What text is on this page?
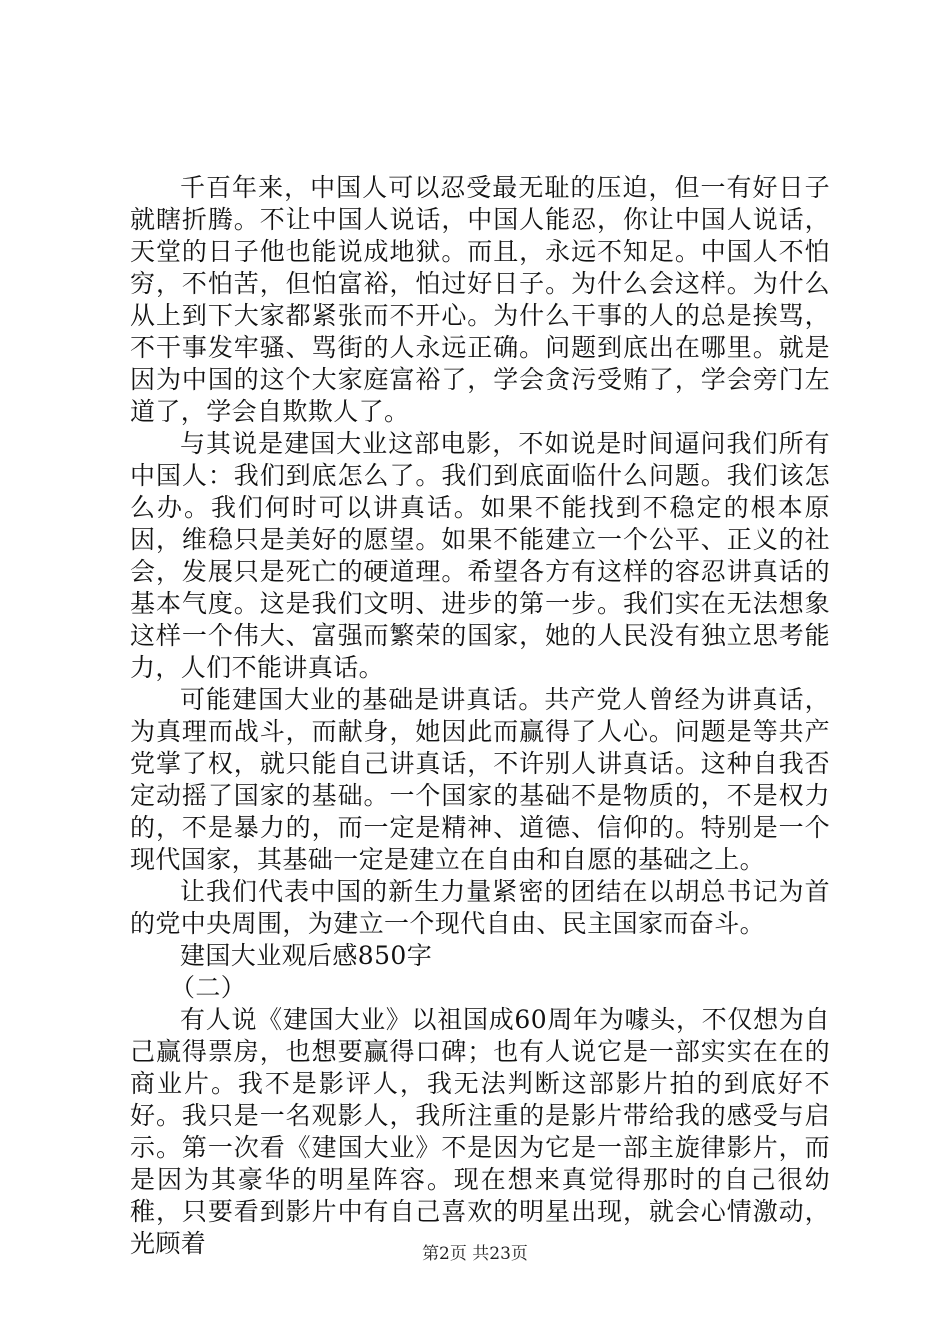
千百年来，中国人可以忍受最无耻的压迫，但一有好日子就瞎折腾。不让中国人说话，中国人能忍，你让中国人说话，天堂的日子他也能说成地狱。而且，永远不知足。中国人不怕穷，不怕苦，但怕富裕，怕过好日子。为什么会这样。为什么从上到下大家都紧张而不开心。为什么干事的人的总是挨骂，不干事发牢骚、骂街的人永远正确。问题到底出在哪里。就是因为中国的这个大家庭富裕了，学会贪污受贿了，学会旁门左道了，学会自欺欺人了。

与其说是建国大业这部电影，不如说是时间逼问我们所有中国人：我们到底怎么了。我们到底面临什么问题。我们该怎么办。我们何时可以讲真话。如果不能找到不稳定的根本原因，维稳只是美好的愿望。如果不能建立一个公平、正义的社会，发展只是死亡的硬道理。希望各方有这样的容忍讲真话的基本气度。这是我们文明、进步的第一步。我们实在无法想象这样一个伟大、富强而繁荣的国家，她的人民没有独立思考能力，人们不能讲真话。

可能建国大业的基础是讲真话。共产党人曾经为讲真话，为真理而战斗，而献身，她因此而赢得了人心。问题是等共产党掌了权，就只能自己讲真话，不许别人讲真话。这种自我否定动摇了国家的基础。一个国家的基础不是物质的，不是权力的，不是暴力的，而一定是精神、道德、信仰的。特别是一个现代国家，其基础一定是建立在自由和自愿的基础之上。

让我们代表中国的新生力量紧密的团结在以胡总书记为首的党中央周围，为建立一个现代自由、民主国家而奋斗。

建国大业观后感850字

（二）

有人说《建国大业》以祖国成60周年为噱头，不仅想为自己赢得票房，也想要赢得口碑；也有人说它是一部实实在在的商业片。我不是影评人，我无法判断这部影片拍的到底好不好。我只是一名观影人，我所注重的是影片带给我的感受与启示。第一次看《建国大业》不是因为它是一部主旋律影片，而是因为其豪华的明星阵容。现在想来真觉得那时的自己很幼稚，只要看到影片中有自己喜欢的明星出现，就会心情激动，光顾着	第2页 共23页
